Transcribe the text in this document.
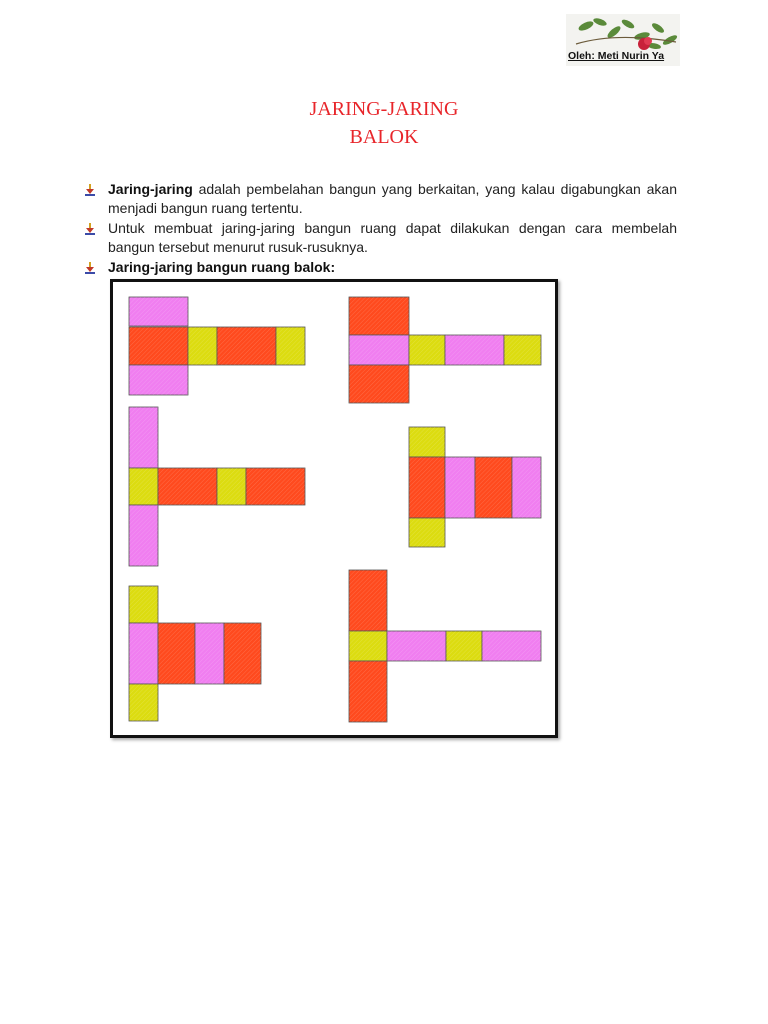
Oleh: Meti Nurin Ya
JARING-JARING
BALOK
Jaring-jaring adalah pembelahan bangun yang berkaitan, yang kalau digabungkan akan menjadi bangun ruang tertentu.
Untuk membuat jaring-jaring bangun ruang dapat dilakukan dengan cara membelah bangun tersebut menurut rusuk-rusuknya.
Jaring-jaring bangun ruang balok:
